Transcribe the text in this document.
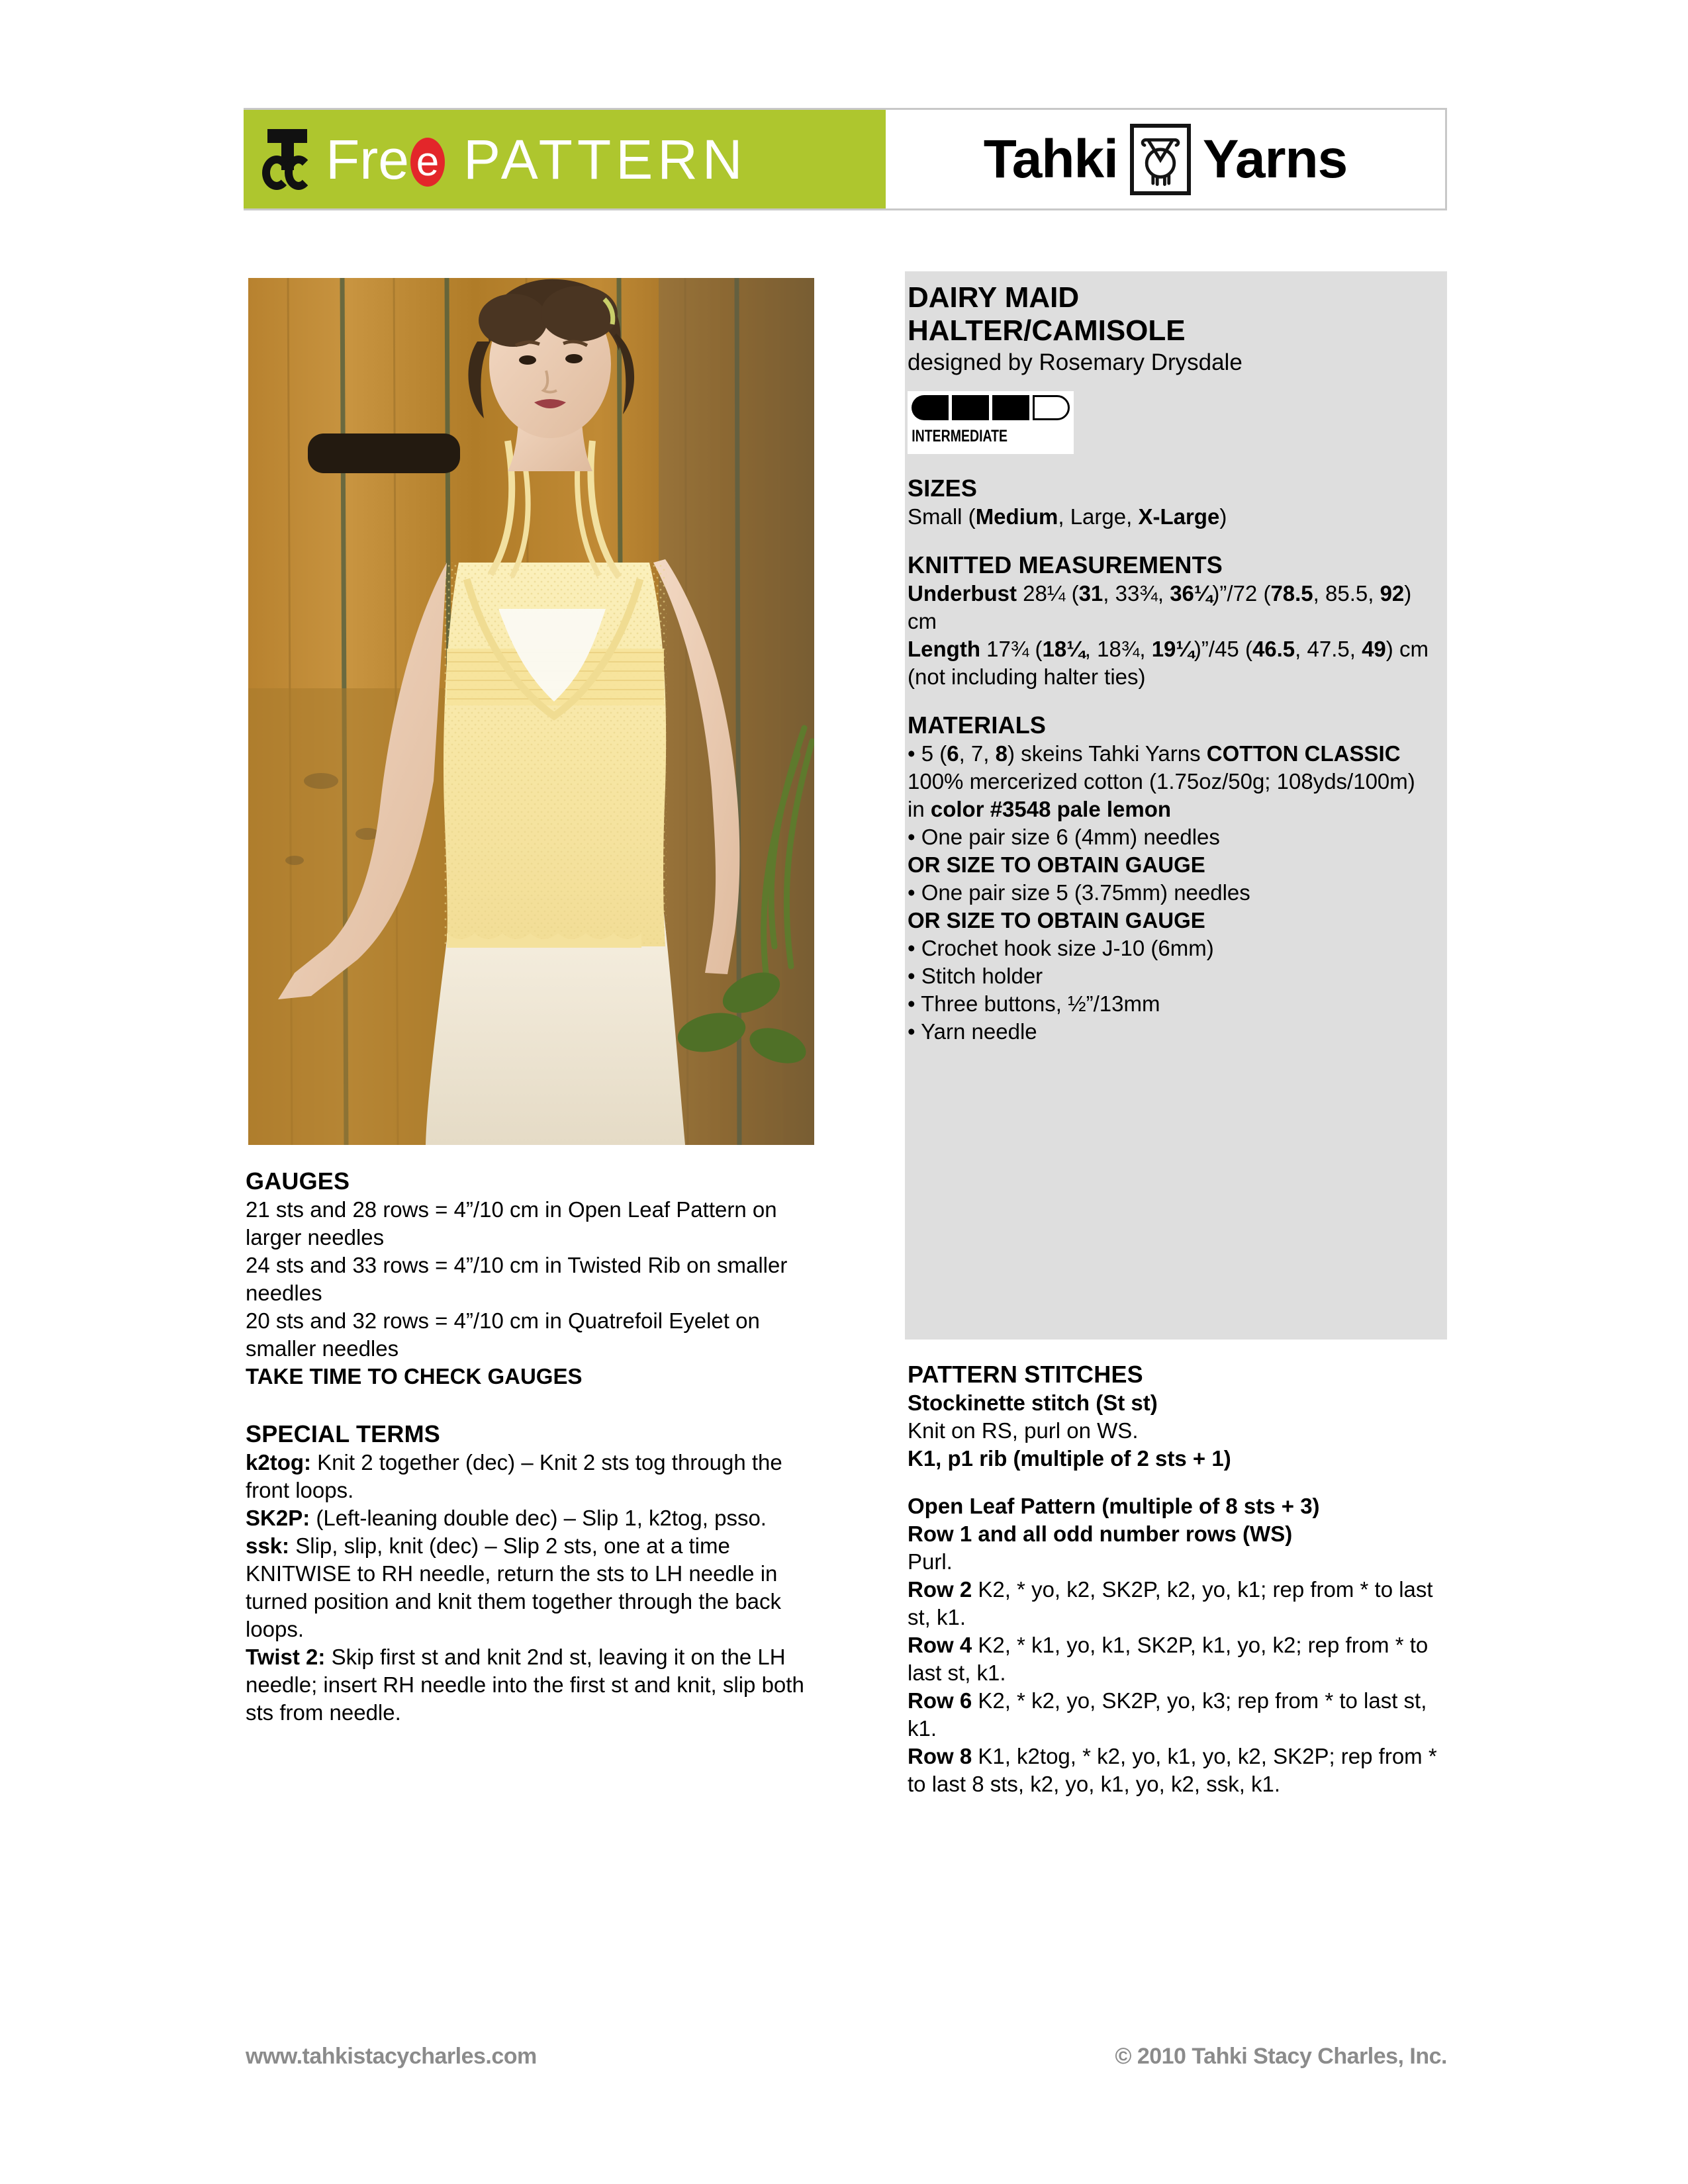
Fre e PATTERN	Tahki Yarns
DAIRY MAID
HALTER/CAMISOLE
designed by Rosemary Drysdale
INTERMEDIATE
SIZES

Small (Medium, Large, X-Large)

KNITTED MEASUREMENTS

Underbust 28¼ (31, 33¾, 36¼)”/72 (78.5, 85.5, 92) cm

Length 17¾ (18¼, 18¾, 19¼)”/45 (46.5, 47.5, 49) cm (not including halter ties)

MATERIALS

• 5 (6, 7, 8) skeins Tahki Yarns COTTON CLASSIC 100% mercerized cotton (1.75oz/50g; 108yds/100m) in color #3548 pale lemon

• One pair size 6 (4mm) needles

OR SIZE TO OBTAIN GAUGE

• One pair size 5 (3.75mm) needles

OR SIZE TO OBTAIN GAUGE

• Crochet hook size J-10 (6mm)

• Stitch holder

• Three buttons, ½”/13mm

• Yarn needle

PATTERN STITCHES

Stockinette stitch (St st)

Knit on RS, purl on WS.

K1, p1 rib (multiple of 2 sts + 1)

Open Leaf Pattern (multiple of 8 sts + 3)

Row 1 and all odd number rows (WS)

Purl.

Row 2 K2, * yo, k2, SK2P, k2, yo, k1; rep from * to last st, k1.

Row 4 K2, * k1, yo, k1, SK2P, k1, yo, k2; rep from * to last st, k1.

Row 6 K2, * k2, yo, SK2P, yo, k3; rep from * to last st, k1.

Row 8 K1, k2tog, * k2, yo, k1, yo, k2, SK2P; rep from * to last 8 sts, k2, yo, k1, yo, k2, ssk, k1.

GAUGES

21 sts and 28 rows = 4”/10 cm in Open Leaf Pattern on larger needles

24 sts and 33 rows = 4”/10 cm in Twisted Rib on smaller needles

20 sts and 32 rows = 4”/10 cm in Quatrefoil Eyelet on smaller needles

TAKE TIME TO CHECK GAUGES

SPECIAL TERMS

k2tog: Knit 2 together (dec) – Knit 2 sts tog through the front loops.

SK2P: (Left-leaning double dec) – Slip 1, k2tog, psso.

ssk: Slip, slip, knit (dec) – Slip 2 sts, one at a time KNITWISE to RH needle, return the sts to LH needle in turned position and knit them together through the back loops.

Twist 2: Skip first st and knit 2nd st, leaving it on the LH needle; insert RH needle into the first st and knit, slip both sts from needle.

www.tahkistacycharles.com	© 2010 Tahki Stacy Charles, Inc.
